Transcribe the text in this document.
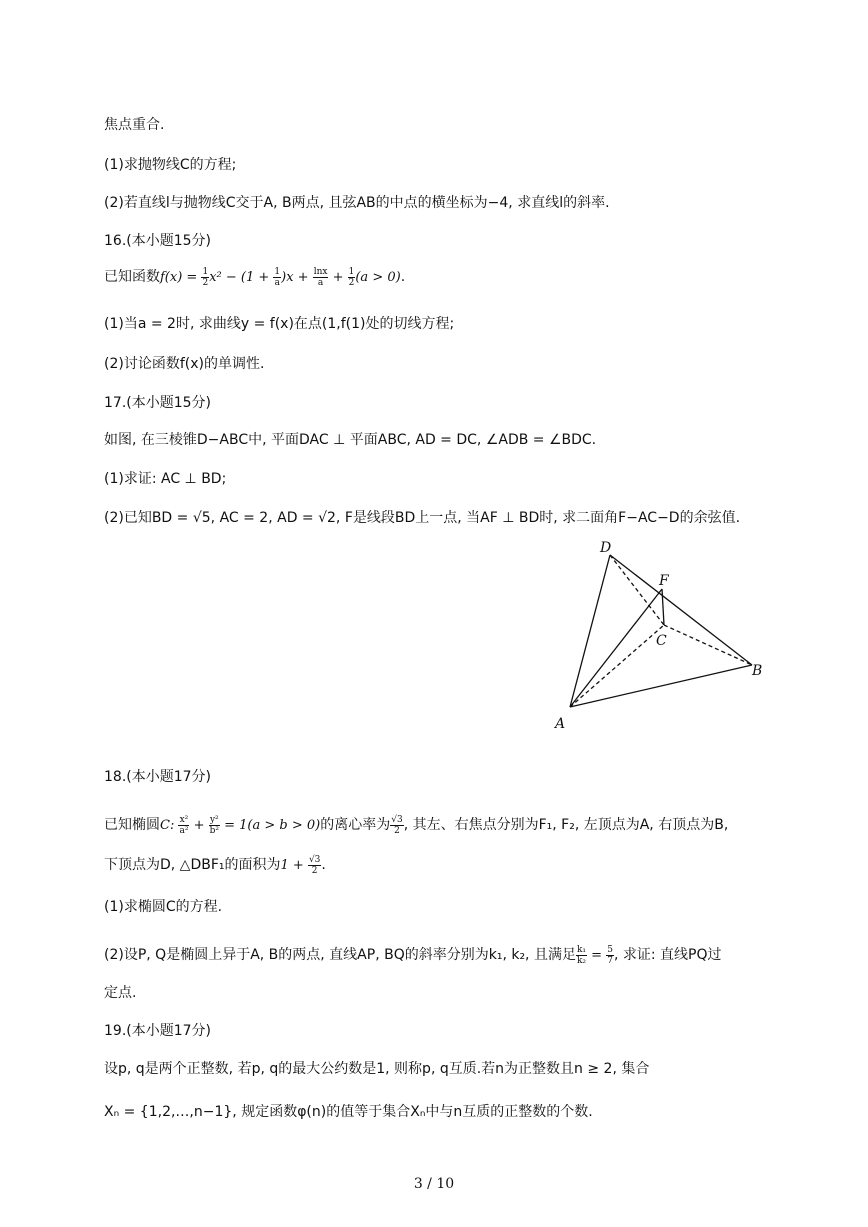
焦点重合.
(1)求抛物线C的方程;
(2)若直线l与抛物线C交于A, B两点, 且弦AB的中点的横坐标为−4, 求直线l的斜率.
16.(本小题15分)
已知函数$f(x) = \frac{1}{2} x^2 - (1 + \frac{1}{a} )x + \frac{\ln x}{a} + \frac{1}{2} (a > 0)$.
(1)当a = 2时, 求曲线y = f(x)在点(1,f(1)处的切线方程;
(2)讨论函数f(x)的单调性.
17.(本小题15分)
如图, 在三棱锥D−ABC中, 平面DAC ⊥ 平面ABC, AD = DC, ∠ADB = ∠BDC.
(1)求证: AC ⊥ BD;
(2)已知BD = √5, AC = 2, AD = √2, F是线段BD上一点, 当AF ⊥ BD时, 求二面角F−AC−D的余弦值.
D
F
C
B
A
18.(本小题17分)
已知椭圆C: $\frac{\text{x²}}{\text{a²}} + \frac{\text{y²}}{\text{b²}} = 1(a > b > 0)$的离心率为 $\frac{√3}{2}$ , 其左、右焦点分别为F₁, F₂, 左顶点为A, 右顶点为B,
下顶点为D, △DBF₁的面积为$1 + \frac{√3}{2}$ .
(1)求椭圆C的方程.
(2)设P, Q是椭圆上异于A, B的两点, 直线AP, BQ的斜率分别为k₁, k₂, 且满足 $\frac{\text{k₁}}{\text{k₂}} = \frac{5}{7}$ , 求证: 直线PQ过
定点.
19.(本小题17分)
设p, q是两个正整数, 若p, q的最大公约数是1, 则称p, q互质.若n为正整数且n ≥ 2, 集合
Xₙ = {1,2,…,n−1}, 规定函数φ(n)的值等于集合Xₙ中与n互质的正整数的个数.
3 / 10
